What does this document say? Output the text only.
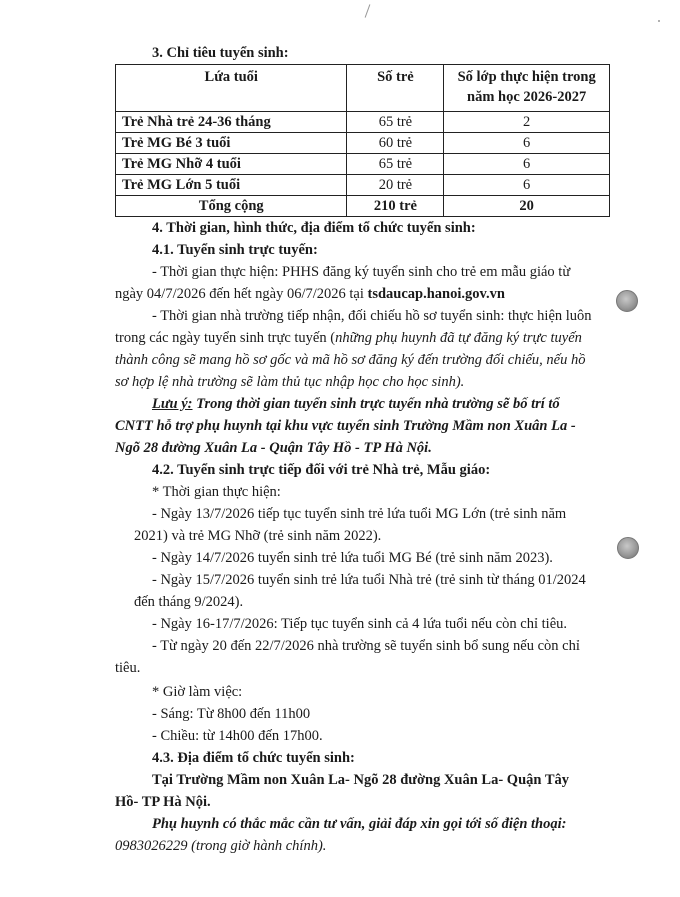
3. Chỉ tiêu tuyển sinh:
Lứa tuổi	Số trẻ	Số lớp thực hiện trong năm học 2026-2027
Trẻ Nhà trẻ 24-36 tháng	65 trẻ	2
Trẻ MG Bé 3 tuổi	60 trẻ	6
Trẻ MG Nhỡ 4 tuổi	65 trẻ	6
Trẻ MG Lớn 5 tuổi	20 trẻ	6
Tổng cộng	210 trẻ	20
4. Thời gian, hình thức, địa điểm tổ chức tuyển sinh:
4.1. Tuyển sinh trực tuyến:
- Thời gian thực hiện: PHHS đăng ký tuyển sinh cho trẻ em mẫu giáo từ
ngày 04/7/2026 đến hết ngày 06/7/2026 tại tsdaucap.hanoi.gov.vn
- Thời gian nhà trường tiếp nhận, đối chiếu hồ sơ tuyển sinh: thực hiện luôn
trong các ngày tuyển sinh trực tuyến (những phụ huynh đã tự đăng ký trực tuyến
thành công sẽ mang hồ sơ gốc và mã hồ sơ đăng ký đến trường đối chiếu, nếu hồ
sơ hợp lệ nhà trường sẽ làm thủ tục nhập học cho học sinh).
Lưu ý: Trong thời gian tuyển sinh trực tuyến nhà trường sẽ bố trí tổ
CNTT hỗ trợ phụ huynh tại khu vực tuyển sinh Trường Mầm non Xuân La -
Ngõ 28 đường Xuân La - Quận Tây Hồ - TP Hà Nội.
4.2. Tuyển sinh trực tiếp đối với trẻ Nhà trẻ, Mẫu giáo:
* Thời gian thực hiện:
- Ngày 13/7/2026 tiếp tục tuyển sinh trẻ lứa tuổi MG Lớn (trẻ sinh năm
2021) và trẻ MG Nhỡ (trẻ sinh năm 2022).
- Ngày 14/7/2026 tuyển sinh trẻ lứa tuổi MG Bé (trẻ sinh năm 2023).
- Ngày 15/7/2026 tuyển sinh trẻ lứa tuổi Nhà trẻ (trẻ sinh từ tháng 01/2024
đến tháng 9/2024).
- Ngày 16-17/7/2026: Tiếp tục tuyển sinh cả 4 lứa tuổi nếu còn chỉ tiêu.
- Từ ngày 20 đến 22/7/2026 nhà trường sẽ tuyển sinh bổ sung nếu còn chỉ
tiêu.
* Giờ làm việc:
- Sáng: Từ 8h00 đến 11h00
- Chiều: từ 14h00 đến 17h00.
4.3. Địa điểm tổ chức tuyển sinh:
Tại Trường Mầm non Xuân La- Ngõ 28 đường Xuân La- Quận Tây
Hồ- TP Hà Nội.
Phụ huynh có thắc mắc cần tư vấn, giải đáp xin gọi tới số điện thoại:
0983026229 (trong giờ hành chính).
